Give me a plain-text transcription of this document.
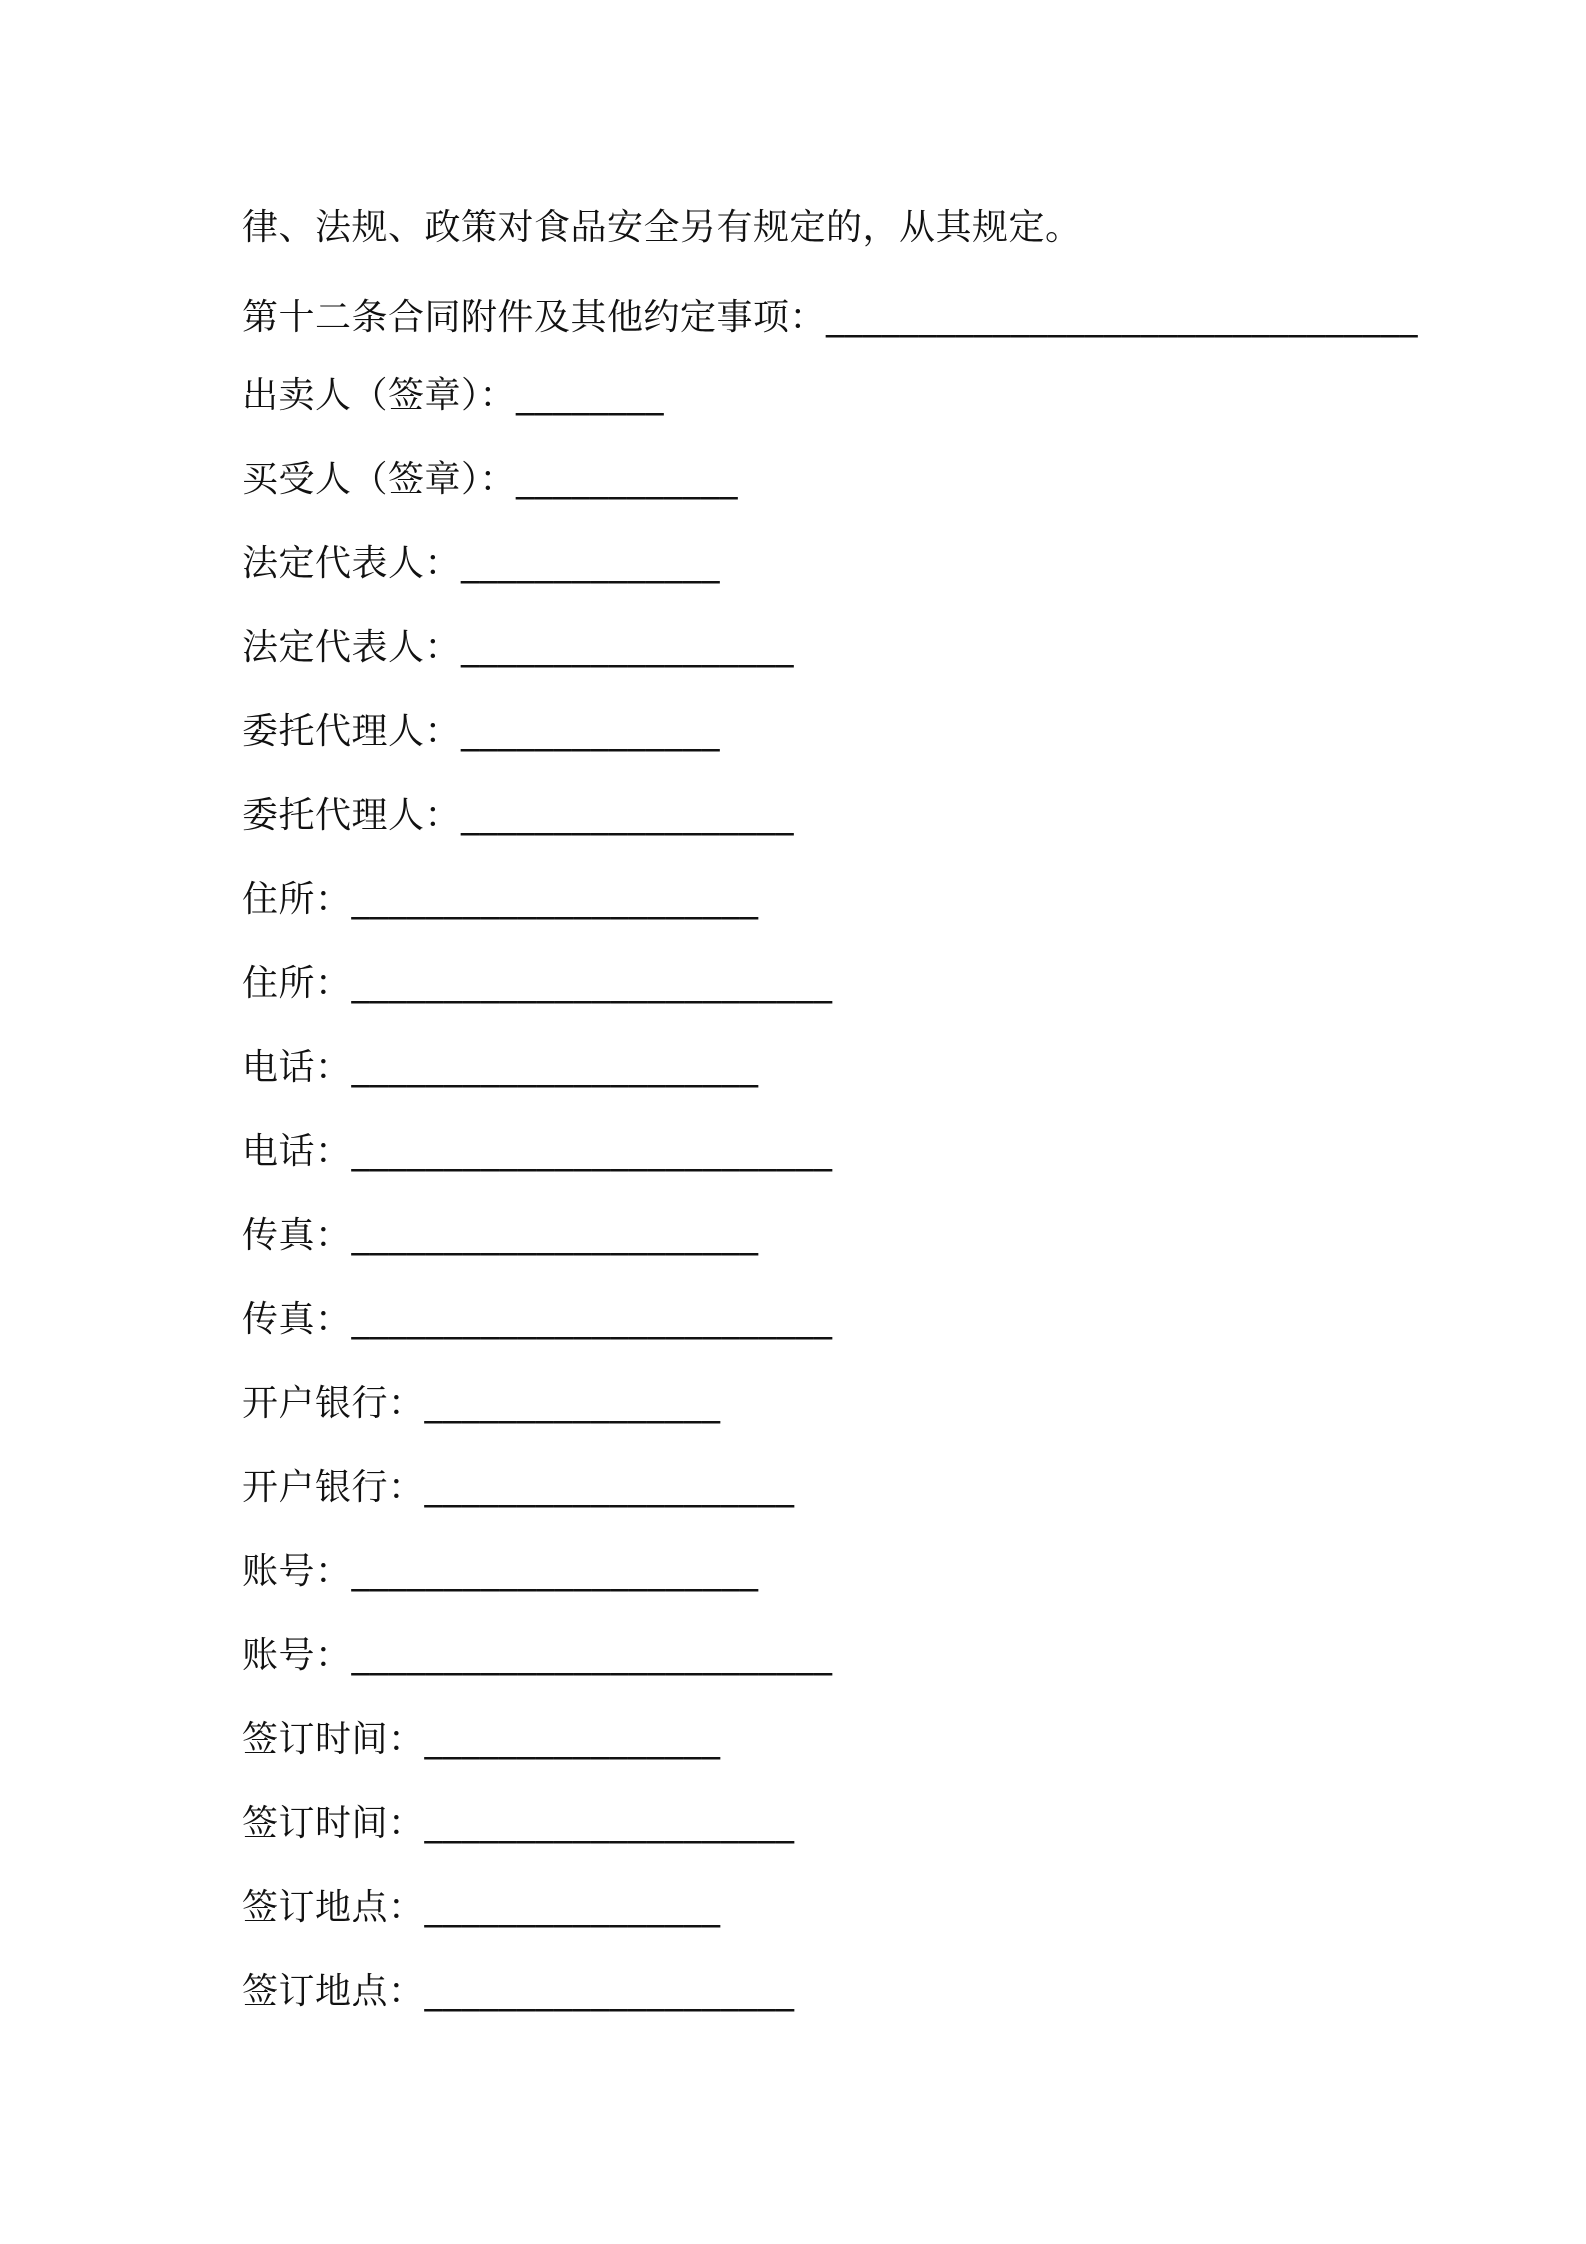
律、法规、政策对食品安全另有规定的，从其规定。
第十二条合同附件及其他约定事项：________________________________
出卖人（签章）：________
买受人（签章）：____________
法定代表人：______________
法定代表人：__________________
委托代理人：______________
委托代理人：__________________
住所：______________________
住所：__________________________
电话：______________________
电话：__________________________
传真：______________________
传真：__________________________
开户银行：________________
开户银行：____________________
账号：______________________
账号：__________________________
签订时间：________________
签订时间：____________________
签订地点：________________
签订地点：____________________
